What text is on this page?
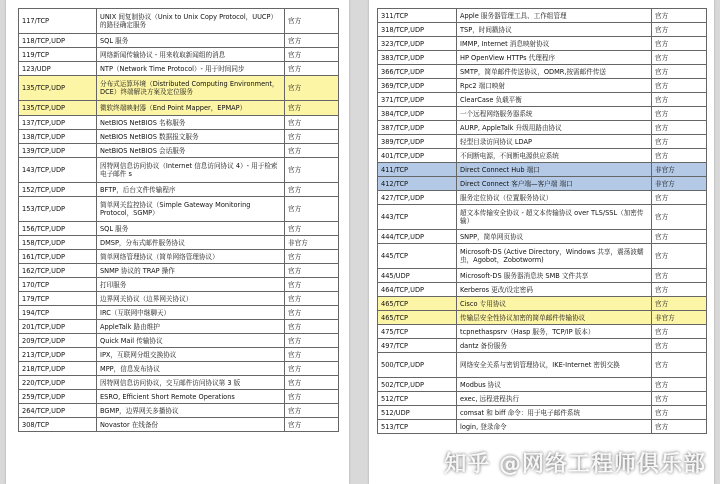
117/TCP	UNIX 间复制协议（Unix to Unix Copy Protocol，UUCP）的路径确定服务	官方
118/TCP,UDP	SQL 服务	官方
119/TCP	网络新闻传输协议 - 用来收取新闻组的消息	官方
123/UDP	NTP（Network Time Protocol）- 用于时间同步	官方
135/TCP,UDP	分布式运算环境（Distributed Computing Environment，DCE）终端解决方案及定位服务	官方
135/TCP,UDP	微软终端映射器（End Point Mapper，EPMAP）	官方
137/TCP,UDP	NetBIOS NetBIOS 名称服务	官方
138/TCP,UDP	NetBIOS NetBIOS 数据报文服务	官方
139/TCP,UDP	NetBIOS NetBIOS 会话服务	官方
143/TCP,UDP	因特网信息访问协议（Internet 信息访问协议 4）- 用于检索电子邮件 s	官方
152/TCP,UDP	BFTP，后台文件传输程序	官方
153/TCP,UDP	简单网关监控协议（Simple Gateway Monitoring Protocol，SGMP）	官方
156/TCP,UDP	SQL 服务	官方
158/TCP,UDP	DMSP，分布式邮件服务协议	非官方
161/TCP,UDP	简单网络管理协议（简单网络管理协议）	官方
162/TCP,UDP	SNMP 协议的 TRAP 操作	官方
170/TCP	打印服务	官方
179/TCP	边界网关协议（边界网关协议）	官方
194/TCP	IRC（互联网中继聊天）	官方
201/TCP,UDP	AppleTalk 路由维护	官方
209/TCP,UDP	Quick Mail 传输协议	官方
213/TCP,UDP	IPX，互联网分组交换协议	官方
218/TCP,UDP	MPP，信息发布协议	官方
220/TCP,UDP	因特网信息访问协议，交互邮件访问协议第 3 版	官方
259/TCP,UDP	ESRO, Efficient Short Remote Operations	官方
264/TCP,UDP	BGMP，边界网关多播协议	官方
308/TCP	Novastor 在线备份	官方
311/TCP	Apple 服务器管理工具、工作组管理	官方
318/TCP,UDP	TSP，时间戳协议	官方
323/TCP,UDP	IMMP, Internet 消息映射协议	官方
383/TCP,UDP	HP OpenView HTTPs 代理程序	官方
366/TCP,UDP	SMTP，简单邮件传送协议，ODMR,按需邮件传送	官方
369/TCP,UDP	Rpc2 端口映射	官方
371/TCP,UDP	ClearCase 负载平衡	官方
384/TCP,UDP	一个远程网络服务器系统	官方
387/TCP,UDP	AURP, AppleTalk 升级用路由协议	官方
389/TCP,UDP	轻型目录访问协议 LDAP	官方
401/TCP,UDP	不间断电源，不间断电源供应系统	官方
411/TCP	Direct Connect Hub 端口	非官方
412/TCP	Direct Connect 客户端—客户端 端口	非官方
427/TCP,UDP	服务定位协议（位置服务协议）	官方
443/TCP	超文本传输安全协议 - 超文本传输协议 over TLS/SSL（加密传输）	官方
444/TCP,UDP	SNPP，简单网页协议	官方
445/TCP	Microsoft-DS (Active Directory，Windows 共享，震荡波蠕虫，Agobot，Zobotworm)	官方
445/UDP	Microsoft-DS 服务器消息块 SMB 文件共享	官方
464/TCP,UDP	Kerberos 更改/设定密码	官方
465/TCP	Cisco 专用协议	官方
465/TCP	传输层安全性协议加密的简单邮件传输协议	非官方
475/TCP	tcpnethaspsrv（Hasp 服务，TCP/IP 版本）	官方
497/TCP	dantz 备份服务	官方
500/TCP,UDP	网络安全关系与密钥管理协议，IKE-Internet 密钥交换	官方
502/TCP,UDP	Modbus 协议	官方
512/TCP	exec, 远程进程执行	官方
512/UDP	comsat 和 biff 命令：用于电子邮件系统	官方
513/TCP	login, 登录命令	官方
知乎 @网络工程师俱乐部
